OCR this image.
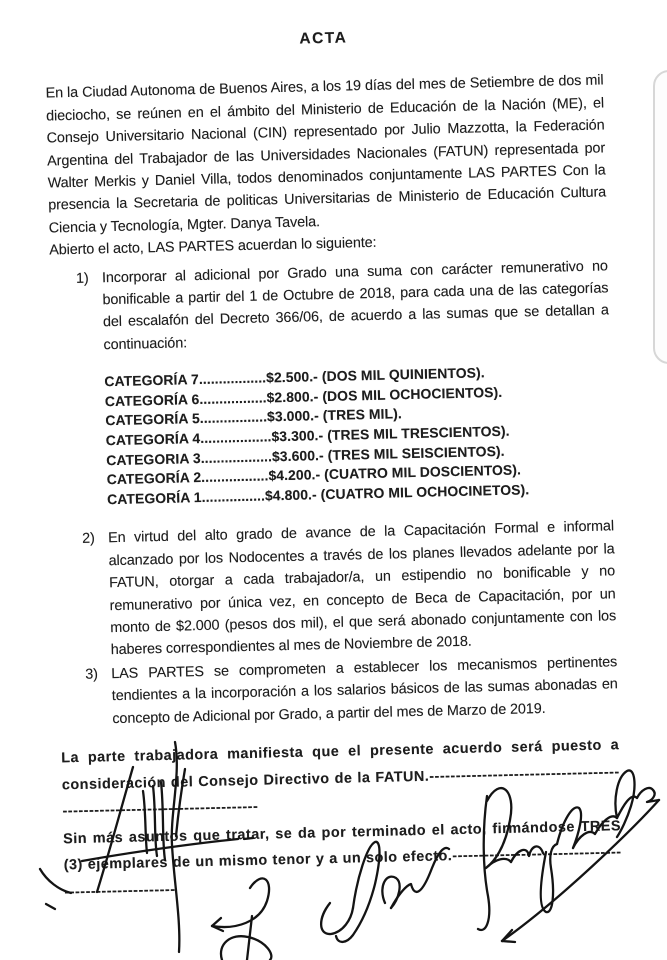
ACTA

En la Ciudad Autonoma de Buenos Aires, a los 19 días del mes de Setiembre de dos mil dieciocho, se reúnen en el ámbito del Ministerio de Educación de la Nación (ME), el Consejo Universitario Nacional (CIN) representado por Julio Mazzotta, la Federación Argentina del Trabajador de las Universidades Nacionales (FATUN) representada por Walter Merkis y Daniel Villa, todos denominados conjuntamente LAS PARTES Con la presencia la Secretaria de politicas Universitarias de Ministerio de Educación Cultura Ciencia y Tecnología, Mgter. Danya Tavela.

Abierto el acto, LAS PARTES acuerdan lo siguiente:

1) Incorporar al adicional por Grado una suma con carácter remunerativo no bonificable a partir del 1 de Octubre de 2018, para cada una de las categorías del escalafón del Decreto 366/06, de acuerdo a las sumas que se detallan a continuación:
CATEGORÍA 7.................$2.500.- (DOS MIL QUINIENTOS).
CATEGORÍA 6.................$2.800.- (DOS MIL OCHOCIENTOS).
CATEGORÍA 5.................$3.000.- (TRES MIL).
CATEGORÍA 4..................$3.300.- (TRES MIL TRESCIENTOS).
CATEGORIA 3..................$3.600.- (TRES MIL SEISCIENTOS).
CATEGORÍA 2.................$4.200.- (CUATRO MIL DOSCIENTOS).
CATEGORÍA 1................$4.800.- (CUATRO MIL OCHOCINETOS).
2) En virtud del alto grado de avance de la Capacitación Formal e informal alcanzado por los Nodocentes a través de los planes llevados adelante por la FATUN, otorgar a cada trabajador/a, un estipendio no bonificable y no remunerativo por única vez, en concepto de Beca de Capacitación, por un monto de $2.000 (pesos dos mil), el que será abonado conjuntamente con los haberes correspondientes al mes de Noviembre de 2018.
3) LAS PARTES se comprometen a establecer los mecanismos pertinentes tendientes a la incorporación a los salarios básicos de las sumas abonadas en concepto de Adicional por Grado, a partir del mes de Marzo de 2019.

La parte trabajadora manifiesta que el presente acuerdo será puesto a consideración del Consejo Directivo de la FATUN.-------------------------------------------------------------------------

Sin más asuntos que tratar, se da por terminado el acto, firmándose TRES (3) ejemplares de un mismo tenor y a un solo efecto.-----------------------------------------------------
